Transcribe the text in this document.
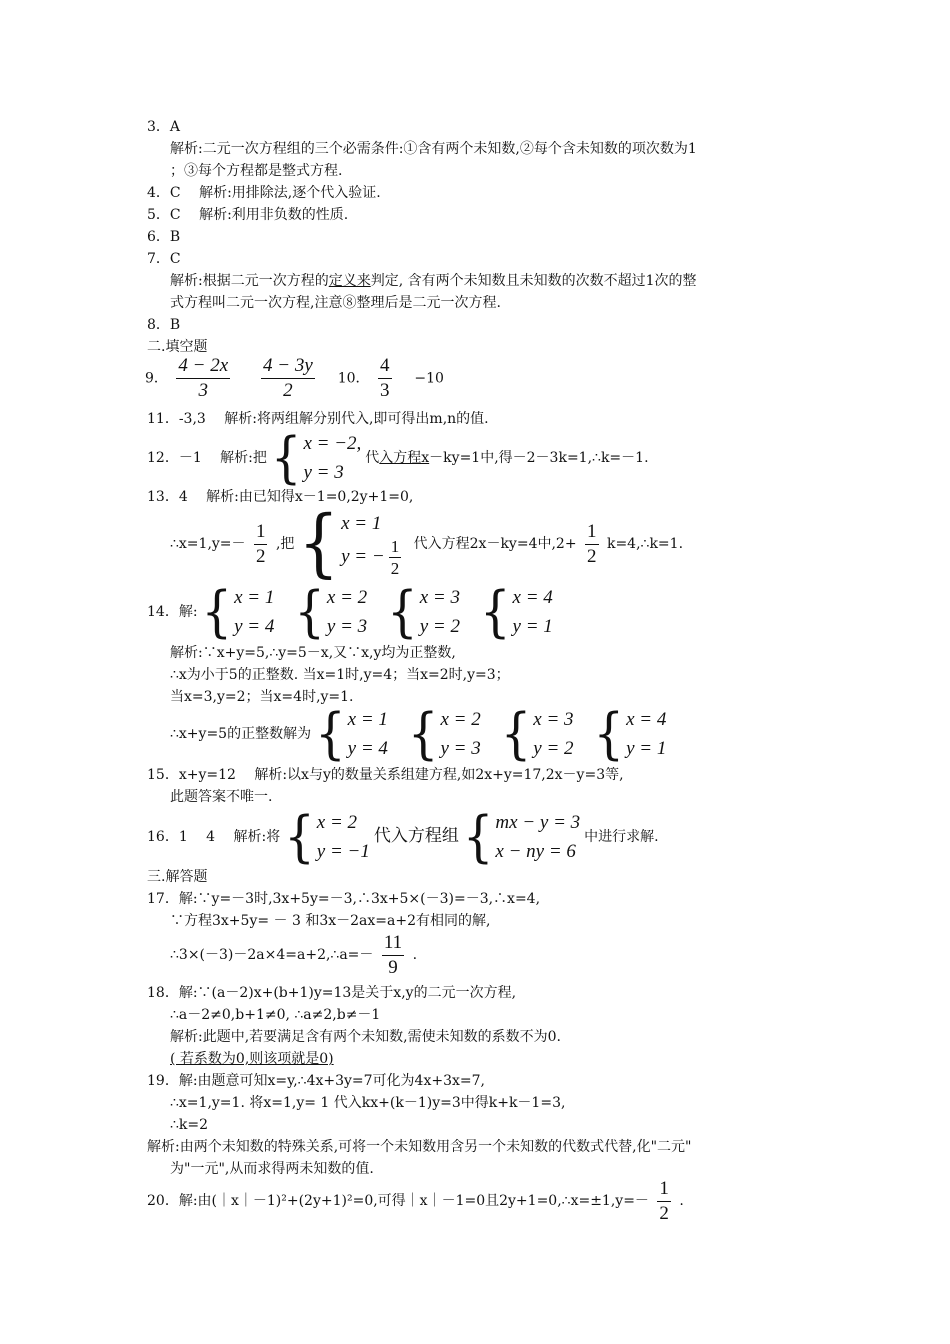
3．A
解析:二元一次方程组的三个必需条件:①含有两个未知数,②每个含未知数的项次数为1
；③每个方程都是整式方程.
4．C　 解析:用排除法,逐个代入验证.
5．C　 解析:利用非负数的性质.
6．B
7．C
解析:根据二元一次方程的定义来判定, 含有两个未知数且未知数的次数不超过1次的整
式方程叫二元一次方程,注意⑧整理后是二元一次方程.
8．B
二.填空题
9． $\frac{4 - 2x}{3}$
$\frac{4 - 3y}{2} 10$． $\frac{4}{3} -10$
11．-3,3　 解析:将两组解分别代入,即可得出m,n的值.
12．－1　 解析:把 { x = −2,
y = 3
代入方程x－ky=1中,得－2－3k=1,∴k=－1.
13．4　 解析:由已知得x－1=0,2y+1=0,
∴x=1,y=－ $\frac{1}{2}$ ,把 { x = 1
y = − $\frac{1}{2}$ 代入方程2x－ky=4中$,2+ \frac{1}{2}$ k=4,∴k=1.
14．解: { x = 1
y = 4 { x = 2
y = 3 { x = 3
y = 2 { x = 4
y = 1
解析:∵x+y=5,∴y=5－x,又∵x,y均为正整数,
∴x为小于5的正整数. 当x=1时,y=4；当x=2时,y=3；
当x=3,y=2；当x=4时,y=1.
∴x+y=5的正整数解为 { x = 1
y = 4 { x = 2
y = 3 { x = 3
y = 2 { x = 4
y = 1
15．x+y=12　 解析:以x与y的数量关系组建方程,如2x+y=17,2x－y=3等,
此题答案不唯一.
16．1　 4　 解析:将 { x = 2
y = −1
代入方程组 { mx − y = 3
x − ny = 6
中进行求解.
三.解答题
17．解:∵y=－3时,3x+5y=－3,∴3x+5×(－3)=－3,∴x=4,
∵方程3x+5y= － 3 和3x－2ax=a+2有相同的解,
∴3×(－3)－2a×4=a+2,∴a=－ $\frac{11}{9}$ .
18．解:∵(a－2)x+(b+1)y=13是关于x,y的二元一次方程,
∴a－2≠0,b+1≠0, ∴a≠2,b≠－1
解析:此题中,若要满足含有两个未知数,需使未知数的系数不为0.
( 若系数为0,则该项就是0)
19．解:由题意可知x=y,∴4x+3y=7可化为4x+3x=7,
∴x=1,y=1. 将x=1,y= 1 代入kx+(k－1)y=3中得k+k－1=3,
∴k=2
解析:由两个未知数的特殊关系,可将一个未知数用含另一个未知数的代数式代替,化"二元"
为"一元",从而求得两未知数的值.
20．解:由(｜x｜－1)²+(2y+1)²=0,可得｜x｜－1=0且2y+1=0,∴x=±1,y=－ $\frac{1}{2}$ .
